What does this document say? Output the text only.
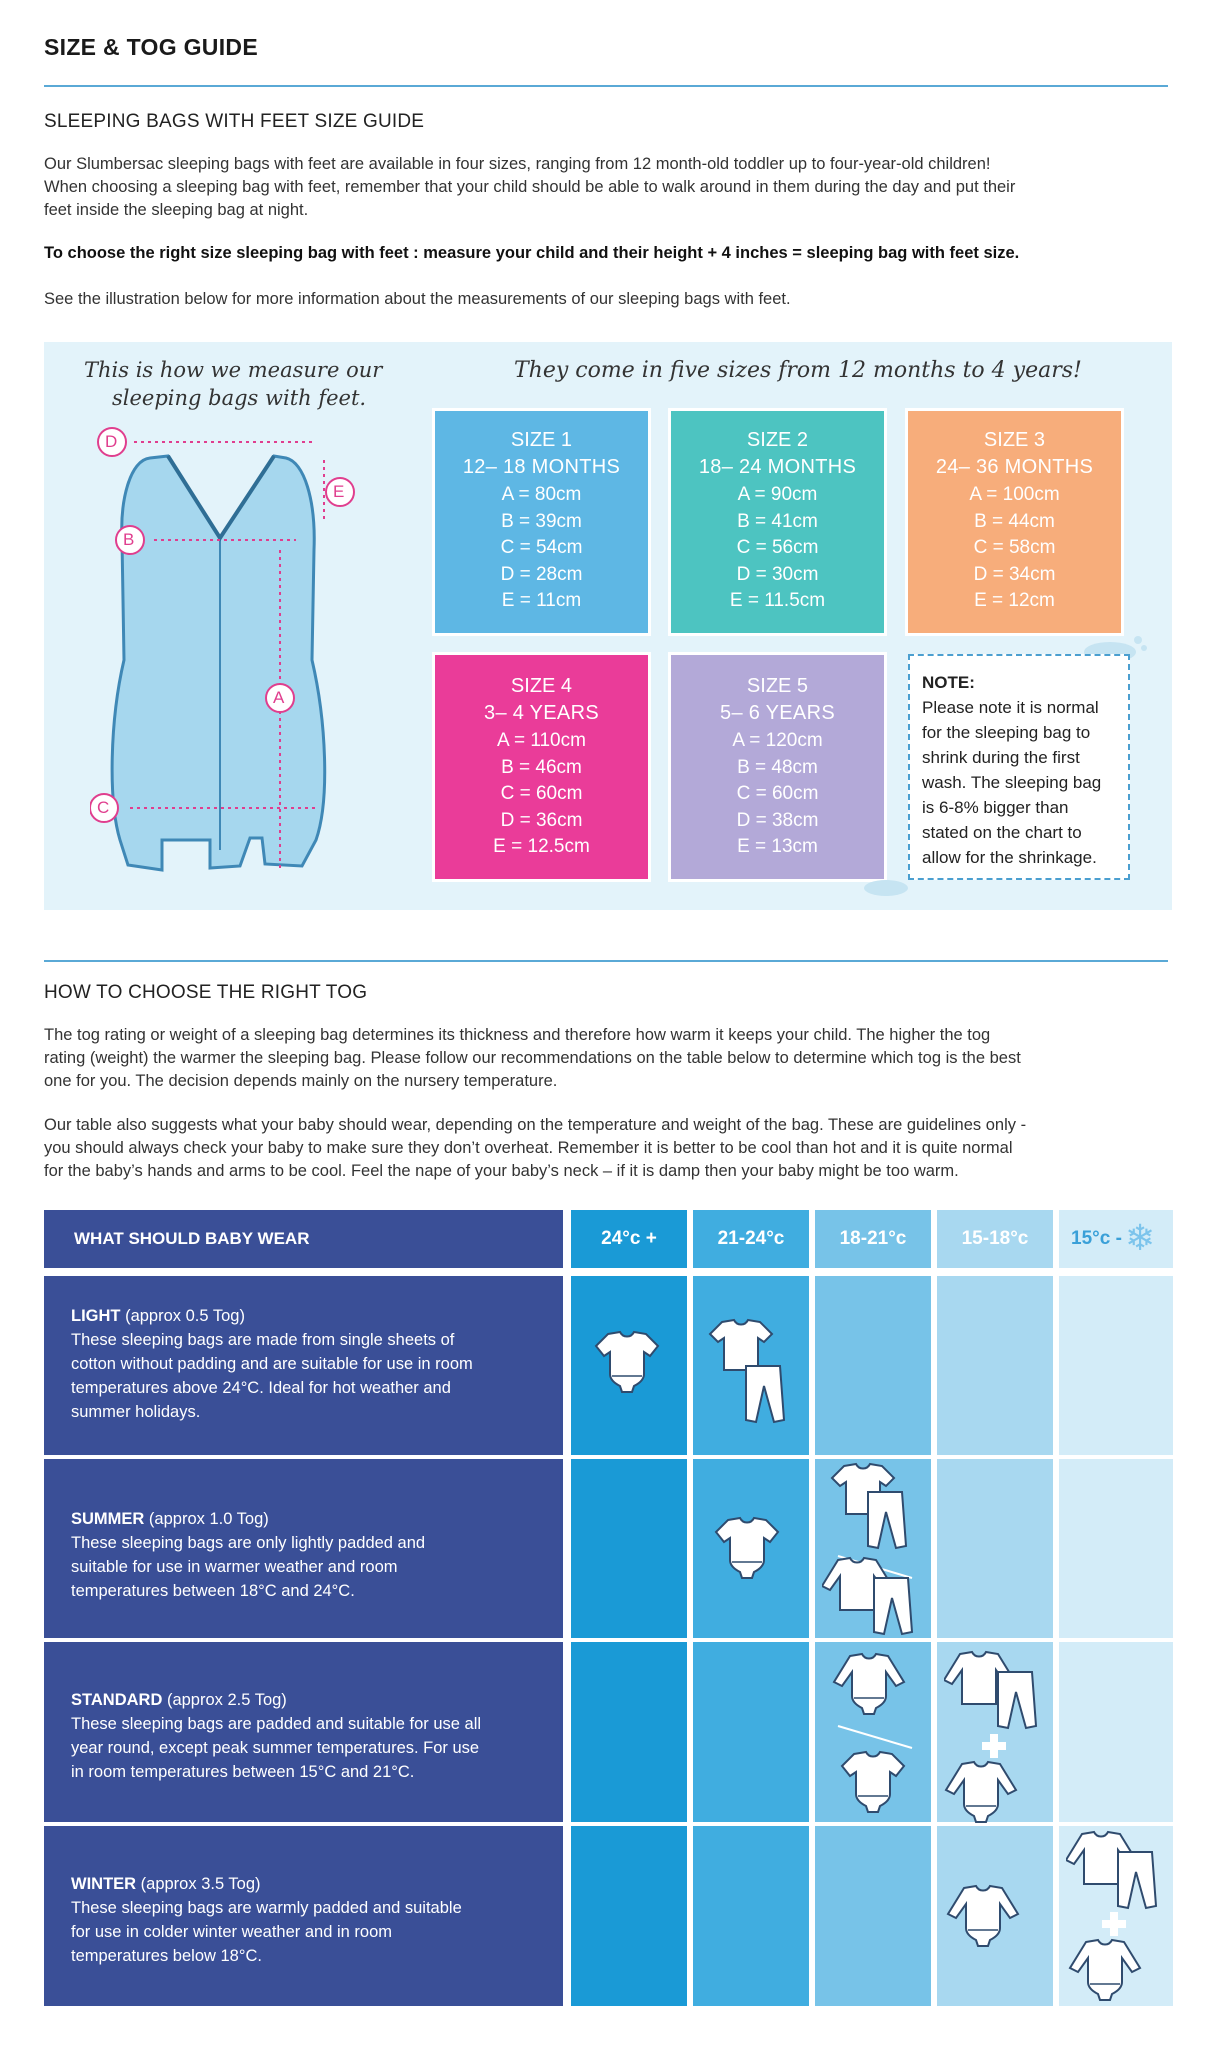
SIZE & TOG GUIDE
SLEEPING BAGS WITH FEET SIZE GUIDE
Our Slumbersac sleeping bags with feet are available in four sizes, ranging from 12 month-old toddler up to four-year-old children!
When choosing a sleeping bag with feet, remember that your child should be able to walk around in them during the day and put their
feet inside the sleeping bag at night.
To choose the right size sleeping bag with feet : measure your child and their height + 4 inches = sleeping bag with feet size.
See the illustration below for more information about the measurements of our sleeping bags with feet.
This is how we measure our
sleeping bags with feet.
They come in five sizes from 12 months to 4 years!
D
E
B
A
C
SIZE 1
12– 18 MONTHS
A = 80cm
B = 39cm
C = 54cm
D = 28cm
E = 11cm
SIZE 2
18– 24 MONTHS
A = 90cm
B = 41cm
C = 56cm
D = 30cm
E = 11.5cm
SIZE 3
24– 36 MONTHS
A = 100cm
B = 44cm
C = 58cm
D = 34cm
E = 12cm
SIZE 4
3– 4 YEARS
A = 110cm
B = 46cm
C = 60cm
D = 36cm
E = 12.5cm
SIZE 5
5– 6 YEARS
A = 120cm
B = 48cm
C = 60cm
D = 38cm
E = 13cm
NOTE:
Please note it is normal
for the sleeping bag to
shrink during the first
wash. The sleeping bag
is 6-8% bigger than
stated on the chart to
allow for the shrinkage.
HOW TO CHOOSE THE RIGHT TOG
The tog rating or weight of a sleeping bag determines its thickness and therefore how warm it keeps your child. The higher the tog
rating (weight) the warmer the sleeping bag. Please follow our recommendations on the table below to determine which tog is the best
one for you. The decision depends mainly on the nursery temperature.
Our table also suggests what your baby should wear, depending on the temperature and weight of the bag. These are guidelines only -
you should always check your baby to make sure they don’t overheat. Remember it is better to be cool than hot and it is quite normal
for the baby’s hands and arms to be cool. Feel the nape of your baby’s neck – if it is damp then your baby might be too warm.
WHAT SHOULD BABY WEAR	24°c +	21-24°c	18-21°c	15-18°c	15°c - ❄
LIGHT (approx 0.5 Tog)
These sleeping bags are made from single sheets of
cotton without padding and are suitable for use in room
temperatures above 24°C. Ideal for hot weather and
summer holidays.
SUMMER (approx 1.0 Tog)
These sleeping bags are only lightly padded and
suitable for use in warmer weather and room
temperatures between 18°C and 24°C.
STANDARD (approx 2.5 Tog)
These sleeping bags are padded and suitable for use all
year round, except peak summer temperatures. For use
in room temperatures between 15°C and 21°C.
WINTER (approx 3.5 Tog)
These sleeping bags are warmly padded and suitable
for use in colder winter weather and in room
temperatures below 18°C.
